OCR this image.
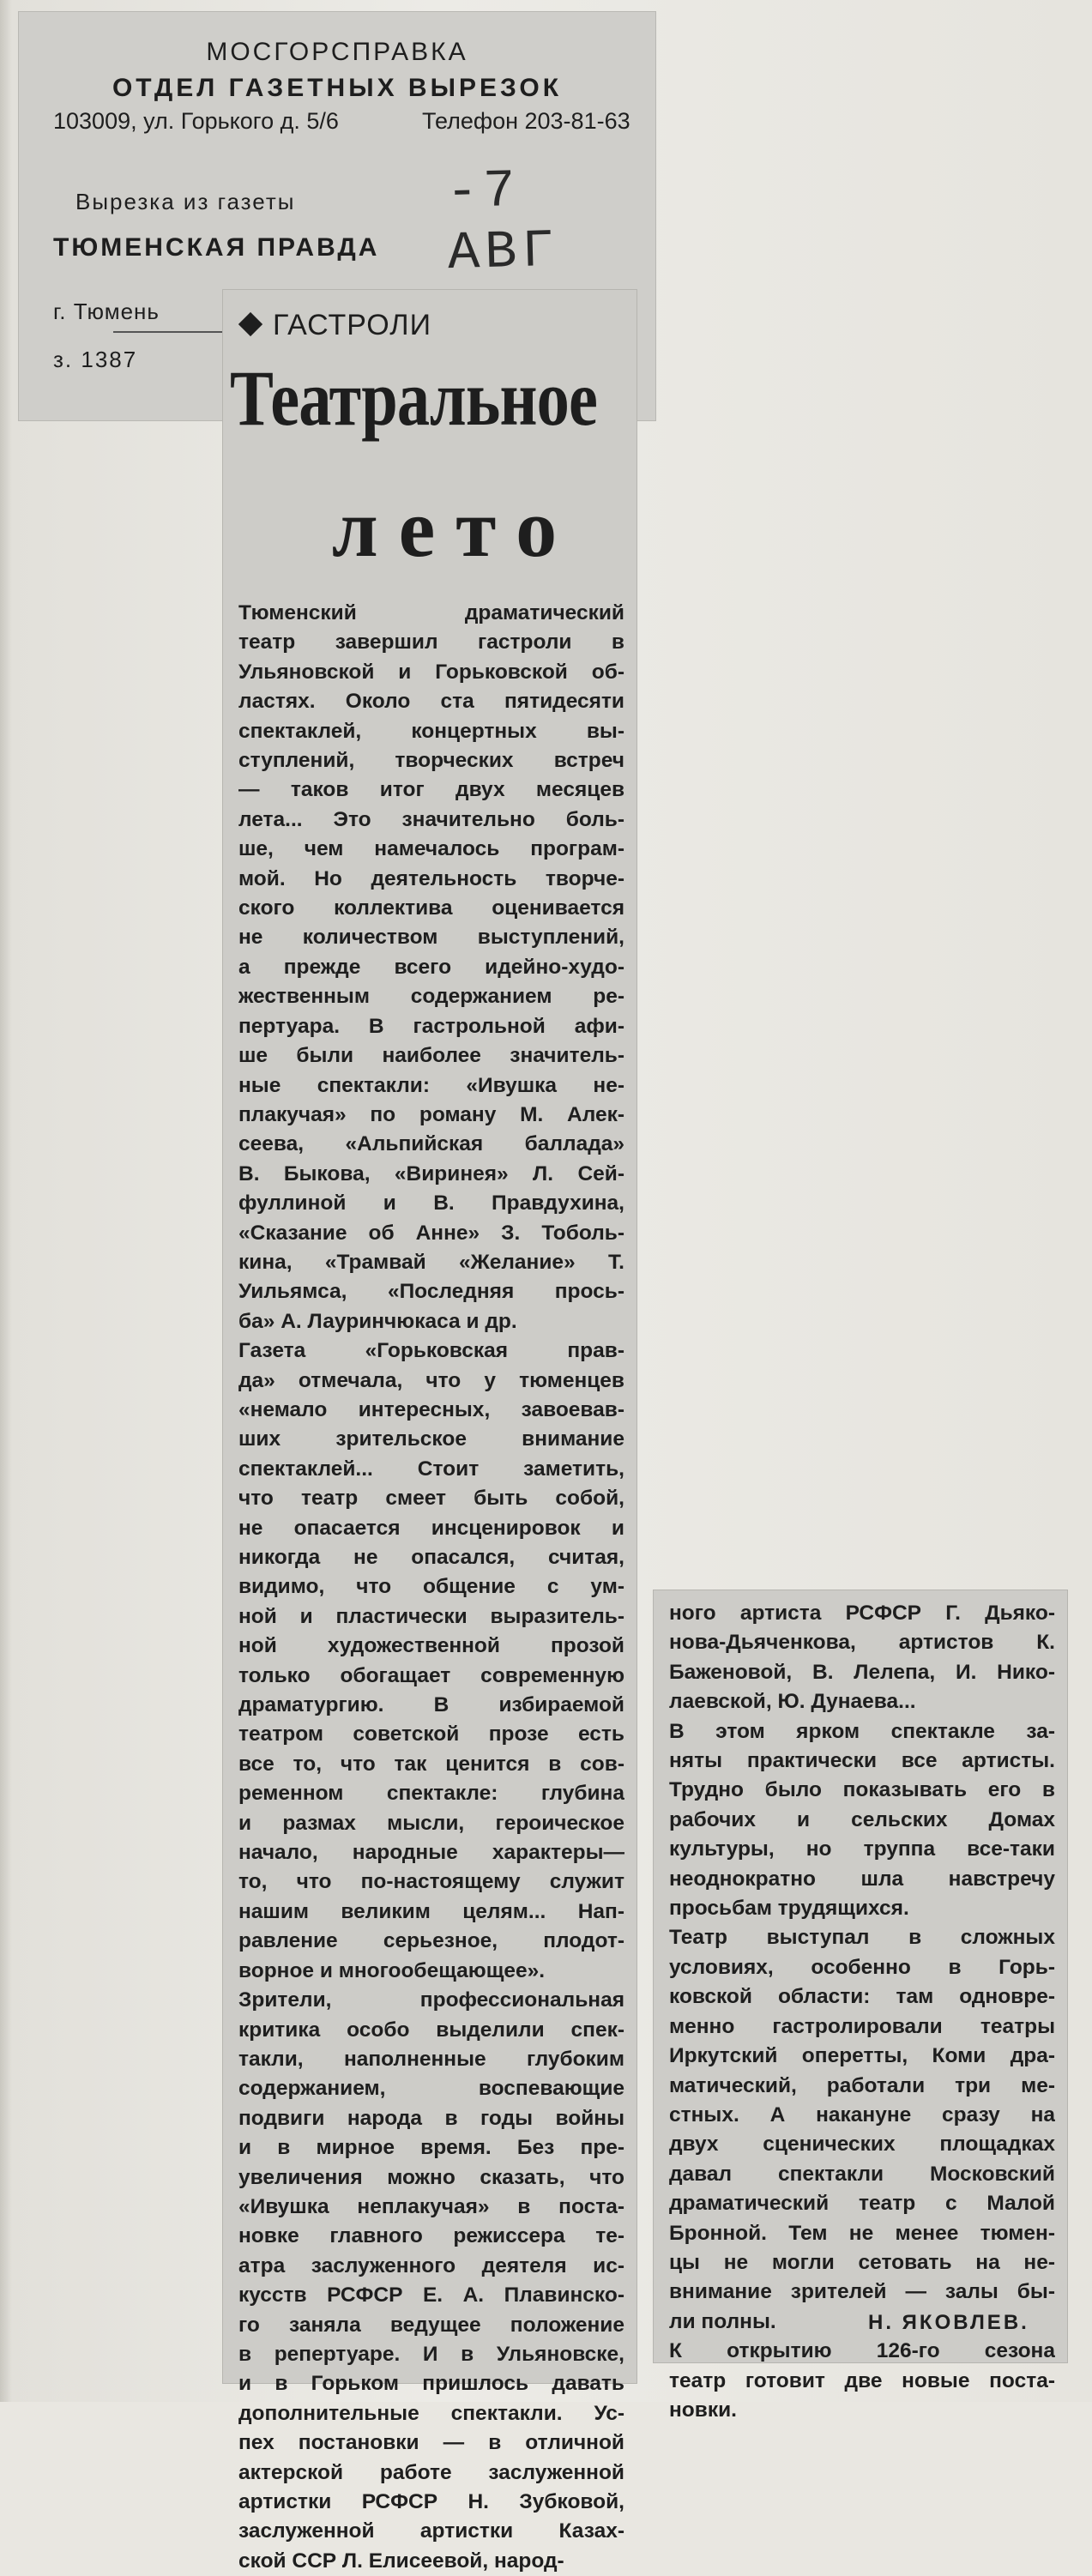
МОСГОРСПРАВКА
ОТДЕЛ ГАЗЕТНЫХ ВЫРЕЗОК
103009, ул. Горького д. 5/6	Телефон 203-81-63
Вырезка из газеты	-7 АВГ
ТЮМЕНСКАЯ ПРАВДА
г. Тюмень
з. 1387
ГАСТРОЛИ
Театральное
лето
Тюменский драматический
театр завершил гастроли в
Ульяновской и Горьковской об-
ластях. Около ста пятидесяти
спектаклей, концертных вы-
ступлений, творческих встреч
— таков итог двух месяцев
лета... Это значительно боль-
ше, чем намечалось програм-
мой. Но деятельность творче-
ского коллектива оценивается
не количеством выступлений,
а прежде всего идейно-худо-
жественным содержанием ре-
пертуара. В гастрольной афи-
ше были наиболее значитель-
ные спектакли: «Ивушка не-
плакучая» по роману М. Алек-
сеева, «Альпийская баллада»
В. Быкова, «Виринея» Л. Сей-
фуллиной и В. Правдухина,
«Сказание об Анне» З. Тоболь-
кина, «Трамвай «Желание» Т.
Уильямса, «Последняя прось-
ба» А. Лауринчюкаса и др.
Газета «Горьковская прав-
да» отмечала, что у тюменцев
«немало интересных, завоевав-
ших зрительское внимание
спектаклей... Стоит заметить,
что театр смеет быть собой,
не опасается инсценировок и
никогда не опасался, считая,
видимо, что общение с ум-
ной и пластически выразитель-
ной художественной прозой
только обогащает современную
драматургию. В избираемой
театром советской прозе есть
все то, что так ценится в сов-
ременном спектакле: глубина
и размах мысли, героическое
начало, народные характеры—
то, что по-настоящему служит
нашим великим целям... Нап-
равление серьезное, плодот-
ворное и многообещающее».
Зрители, профессиональная
критика особо выделили спек-
такли, наполненные глубоким
содержанием, воспевающие
подвиги народа в годы войны
и в мирное время. Без пре-
увеличения можно сказать, что
«Ивушка неплакучая» в поста-
новке главного режиссера те-
атра заслуженного деятеля ис-
кусств РСФСР Е. А. Плавинско-
го заняла ведущее положение
в репертуаре. И в Ульяновске,
и в Горьком пришлось давать
дополнительные спектакли. Ус-
пех постановки — в отличной
актерской работе заслуженной
артистки РСФСР Н. Зубковой,
заслуженной артистки Казах-
ской ССР Л. Елисеевой, народ-
ного артиста РСФСР Г. Дьяко-
нова-Дьяченкова, артистов К.
Баженовой, В. Лелепа, И. Нико-
лаевской, Ю. Дунаева...
В этом ярком спектакле за-
няты практически все артисты.
Трудно было показывать его в
рабочих и сельских Домах
культуры, но труппа все-таки
неоднократно шла навстречу
просьбам трудящихся.
Театр выступал в сложных
условиях, особенно в Горь-
ковской области: там одновре-
менно гастролировали театры
Иркутский оперетты, Коми дра-
матический, работали три ме-
стных. А накануне сразу на
двух сценических площадках
давал спектакли Московский
драматический театр с Малой
Бронной. Тем не менее тюмен-
цы не могли сетовать на не-
внимание зрителей — залы бы-
ли полны.
К открытию 126-го сезона
театр готовит две новые поста-
новки.
Н. ЯКОВЛЕВ.
